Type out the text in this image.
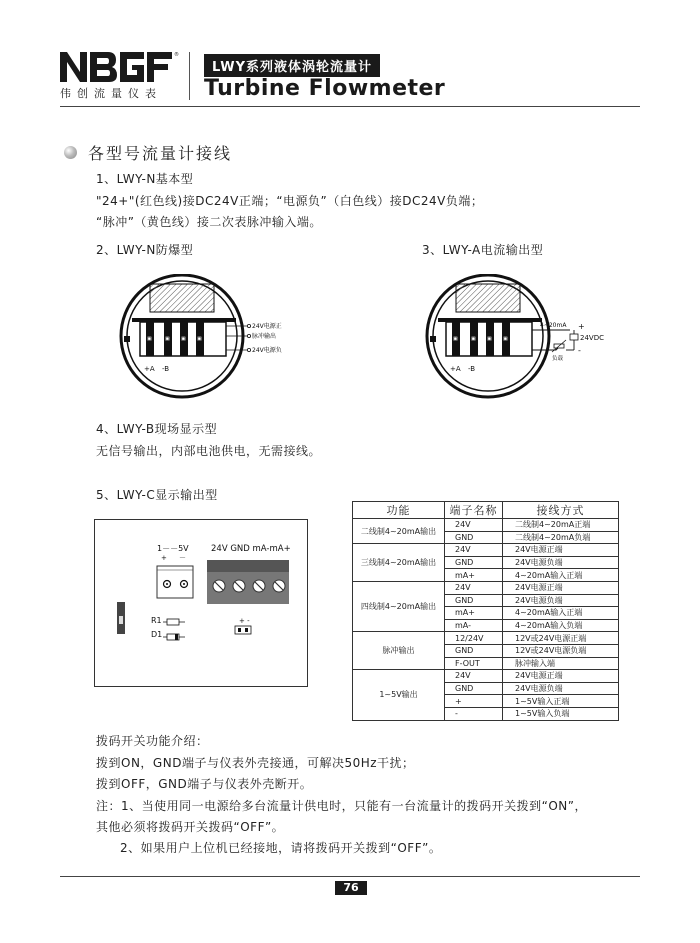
®
伟创流量仪表
LWY系列液体涡轮流量计
Turbine Flowmeter
各型号流量计接线
1、LWY-N基本型
"24+"(红色线)接DC24V正端；“电源负”（白色线）接DC24V负端；
“脉冲”（黄色线）接二次表脉冲输入端。
2、LWY-N防爆型
▣	▣ ▣ ▣
24V电源正
脉冲输出
24V电源负
+A -B
3、LWY-A电流输出型
▣	▣ ▣ ▣
4~20mA +
24VDC
-
负载
+A -B
4、LWY-B现场显示型
无信号输出，内部电池供电，无需接线。
5、LWY-C显示输出型
1－－5V
+ －
24V GND mA-mA+
R1
D1
+ -
功能	端子名称	接线方式
二线制4~20mA输出	24V	二线制4~20mA正端
	GND	二线制4~20mA负端
三线制4~20mA输出	24V	24V电源正端
	GND	24V电源负端
	mA+	4~20mA输入正端
四线制4~20mA输出	24V	24V电源正端
	GND	24V电源负端
	mA+	4~20mA输入正端
	mA-	4~20mA输入负端
脉冲输出	12/24V	12V或24V电源正端
	GND	12V或24V电源负端
	F-OUT	脉冲输入端
1~5V输出	24V	24V电源正端
	GND	24V电源负端
	+	1~5V输入正端
	-	1~5V输入负端
拨码开关功能介绍：
拨到ON，GND端子与仪表外壳接通，可解决50Hz干扰；
拨到OFF，GND端子与仪表外壳断开。
注：1、当使用同一电源给多台流量计供电时，只能有一台流量计的拨码开关拨到“ON”，
其他必须将拨码开关拨码“OFF”。
2、如果用户上位机已经接地，请将拨码开关拨到“OFF”。
76
